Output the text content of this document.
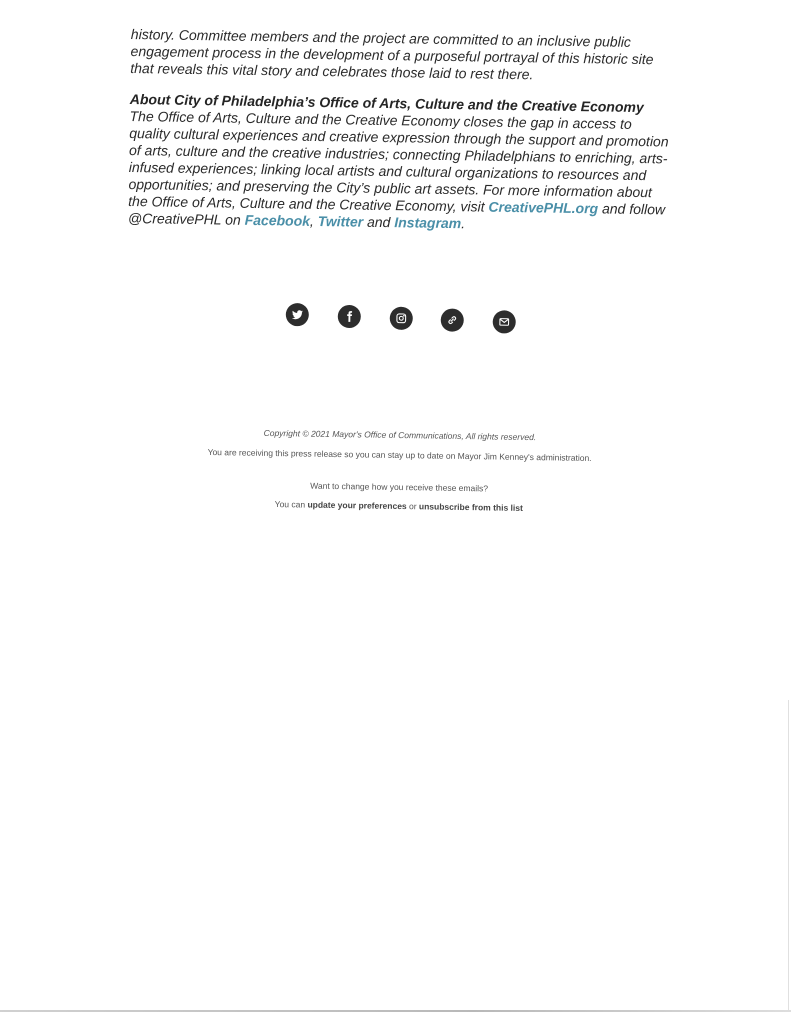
history. Committee members and the project are committed to an inclusive public engagement process in the development of a purposeful portrayal of this historic site that reveals this vital story and celebrates those laid to rest there.

About City of Philadelphia’s Office of Arts, Culture and the Creative Economy
The Office of Arts, Culture and the Creative Economy closes the gap in access to quality cultural experiences and creative expression through the support and promotion of arts, culture and the creative industries; connecting Philadelphians to enriching, arts-infused experiences; linking local artists and cultural organizations to resources and opportunities; and preserving the City’s public art assets. For more information about the Office of Arts, Culture and the Creative Economy, visit CreativePHL.org and follow @CreativePHL on Facebook, Twitter and Instagram.

Copyright © 2021 Mayor's Office of Communications, All rights reserved.

You are receiving this press release so you can stay up to date on Mayor Jim Kenney's administration.

Want to change how you receive these emails?

You can update your preferences or unsubscribe from this list
